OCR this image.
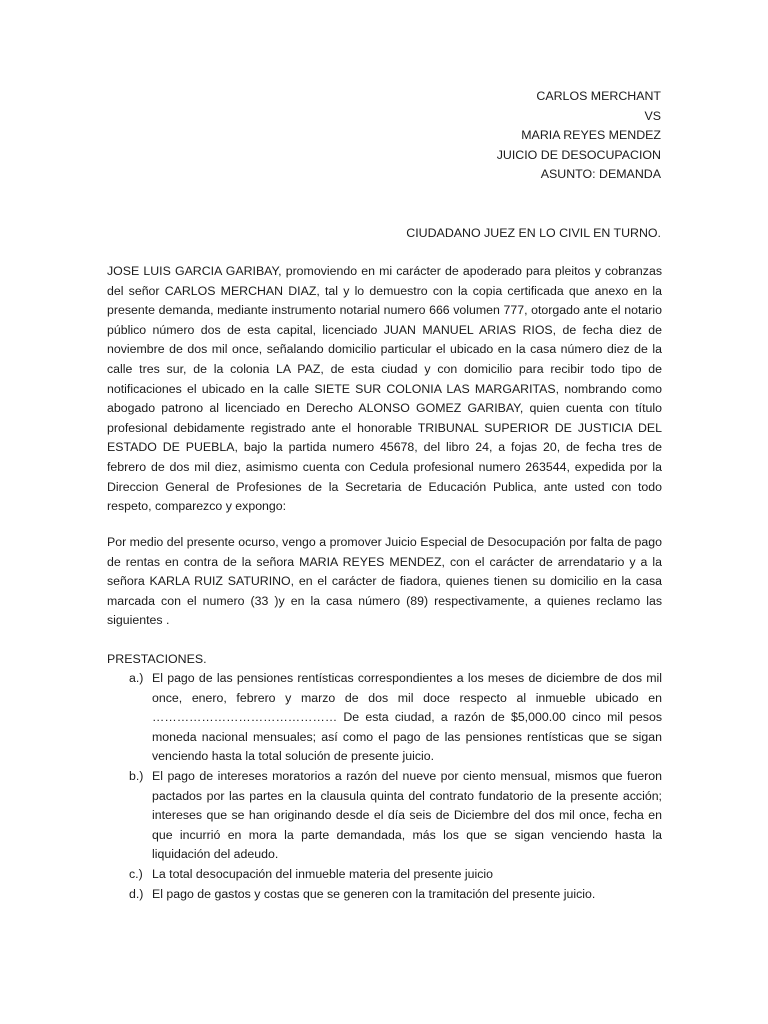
CARLOS MERCHANT
VS
MARIA REYES MENDEZ
JUICIO DE DESOCUPACION
ASUNTO: DEMANDA
CIUDADANO JUEZ EN LO CIVIL EN TURNO.

JOSE LUIS GARCIA GARIBAY, promoviendo en mi carácter de apoderado para pleitos y cobranzas del señor CARLOS MERCHAN DIAZ, tal y lo demuestro con la copia certificada que anexo en la presente demanda, mediante instrumento notarial numero 666 volumen 777, otorgado ante el notario público número dos de esta capital, licenciado JUAN MANUEL ARIAS RIOS, de fecha diez de noviembre de dos mil once, señalando domicilio particular el ubicado en la casa número diez de la calle tres sur, de la colonia LA PAZ, de esta ciudad y con domicilio para recibir todo tipo de notificaciones el ubicado en la calle SIETE SUR COLONIA LAS MARGARITAS, nombrando como abogado patrono al licenciado en Derecho ALONSO GOMEZ GARIBAY, quien cuenta con título profesional debidamente registrado ante el honorable TRIBUNAL SUPERIOR DE JUSTICIA DEL ESTADO DE PUEBLA, bajo la partida numero 45678, del libro 24, a fojas 20, de fecha tres de febrero de dos mil diez, asimismo cuenta con Cedula profesional numero 263544, expedida por la Direccion General de Profesiones de la Secretaria de Educación Publica, ante usted con todo respeto, comparezco y expongo:

Por medio del presente ocurso, vengo a promover Juicio Especial de Desocupación por falta de pago de rentas en contra de la señora MARIA REYES MENDEZ, con el carácter de arrendatario y a la señora KARLA RUIZ SATURINO, en el carácter de fiadora, quienes tienen su domicilio en la casa marcada con el numero (33 )y en la casa número (89) respectivamente, a quienes reclamo las siguientes .

PRESTACIONES.

a.) El pago de las pensiones rentísticas correspondientes a los meses de diciembre de dos mil once, enero, febrero y marzo de dos mil doce respecto al inmueble ubicado en ……………………………………… De esta ciudad, a razón de $5,000.00 cinco mil pesos moneda nacional mensuales; así como el pago de las pensiones rentísticas que se sigan venciendo hasta la total solución de presente juicio.
b.) El pago de intereses moratorios a razón del nueve por ciento mensual, mismos que fueron pactados por las partes en la clausula quinta del contrato fundatorio de la presente acción; intereses que se han originando desde el día seis de Diciembre del dos mil once, fecha en que incurrió en mora la parte demandada, más los que se sigan venciendo hasta la liquidación del adeudo.
c.) La total desocupación del inmueble materia del presente juicio
d.) El pago de gastos y costas que se generen con la tramitación del presente juicio.
